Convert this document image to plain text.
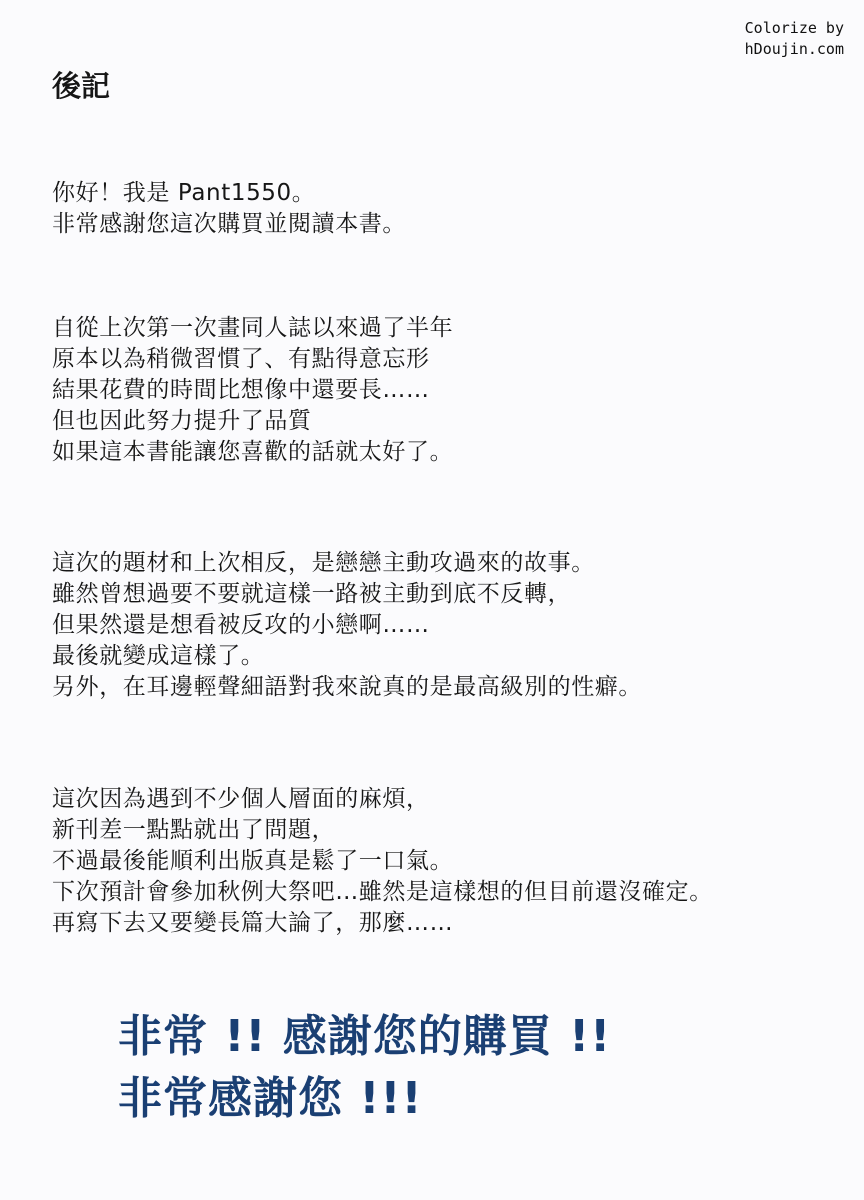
Colorize by
hDoujin.com
後記
你好！我是 Pant1550。
非常感謝您這次購買並閱讀本書。
自從上次第一次畫同人誌以來過了半年
原本以為稍微習慣了、有點得意忘形
結果花費的時間比想像中還要長……
但也因此努力提升了品質
如果這本書能讓您喜歡的話就太好了。
這次的題材和上次相反，是戀戀主動攻過來的故事。
雖然曾想過要不要就這樣一路被主動到底不反轉，
但果然還是想看被反攻的小戀啊……
最後就變成這樣了。
另外，在耳邊輕聲細語對我來說真的是最高級別的性癖。
這次因為遇到不少個人層面的麻煩，
新刊差一點點就出了問題，
不過最後能順利出版真是鬆了一口氣。
下次預計會參加秋例大祭吧…雖然是這樣想的但目前還沒確定。
再寫下去又要變長篇大論了，那麼……
非常 !! 感謝您的購買 !!
非常感謝您 !!!
